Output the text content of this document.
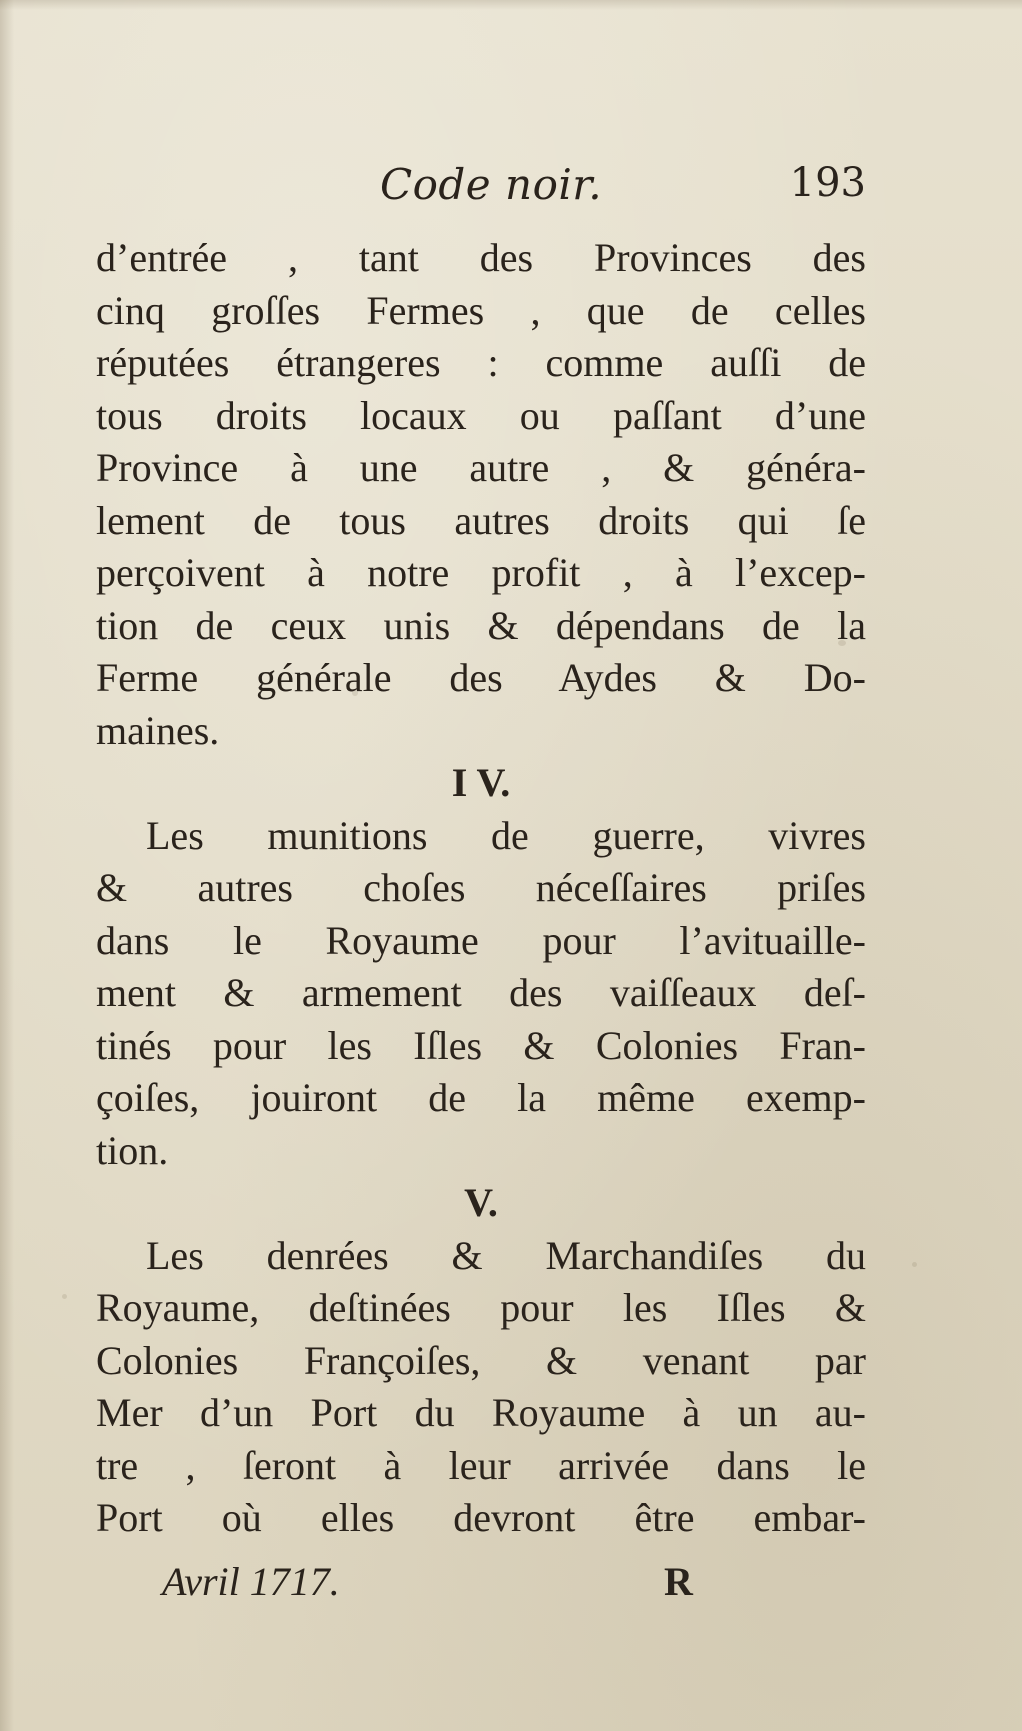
Code noir.	193
d’entrée , tant des Provinces des
cinq groſſes Fermes , que de celles
réputées étrangeres : comme auſſi de
tous droits locaux ou paſſant d’une
Province à une autre , & généra-
lement de tous autres droits qui ſe
perçoivent à notre profit , à l’excep-
tion de ceux unis & dépendans de la
Ferme générale des Aydes & Do-
maines.
I V.
Les munitions de guerre, vivres
& autres choſes néceſſaires priſes
dans le Royaume pour l’avituaille-
ment & armement des vaiſſeaux deſ-
tinés pour les Iſles & Colonies Fran-
çoiſes, jouiront de la même exemp-
tion.
V.
Les denrées & Marchandiſes du
Royaume, deſtinées pour les Iſles &
Colonies Françoiſes, & venant par
Mer d’un Port du Royaume à un au-
tre , ſeront à leur arrivée dans le
Port où elles devront être embar-
Avril 1717.	R
